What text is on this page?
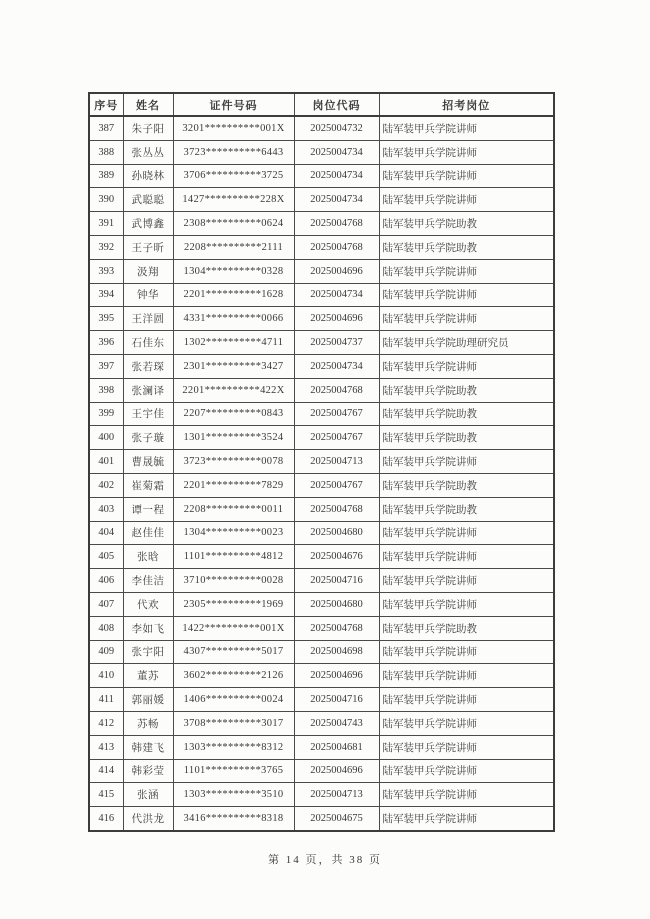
序号	姓名	证件号码	岗位代码	招考岗位
387	朱子阳	3201**********001X	2025004732	陆军装甲兵学院讲师
388	张丛丛	3723**********6443	2025004734	陆军装甲兵学院讲师
389	孙晓林	3706**********3725	2025004734	陆军装甲兵学院讲师
390	武聪聪	1427**********228X	2025004734	陆军装甲兵学院讲师
391	武博鑫	2308**********0624	2025004768	陆军装甲兵学院助教
392	王子昕	2208**********2111	2025004768	陆军装甲兵学院助教
393	汲翔	1304**********0328	2025004696	陆军装甲兵学院讲师
394	钟华	2201**********1628	2025004734	陆军装甲兵学院讲师
395	王洋圆	4331**********0066	2025004696	陆军装甲兵学院讲师
396	石佳东	1302**********4711	2025004737	陆军装甲兵学院助理研究员
397	张若琛	2301**********3427	2025004734	陆军装甲兵学院讲师
398	张澜译	2201**********422X	2025004768	陆军装甲兵学院助教
399	王宇佳	2207**********0843	2025004767	陆军装甲兵学院助教
400	张子璇	1301**********3524	2025004767	陆军装甲兵学院助教
401	曹晟毓	3723**********0078	2025004713	陆军装甲兵学院讲师
402	崔菊霜	2201**********7829	2025004767	陆军装甲兵学院助教
403	谭一程	2208**********0011	2025004768	陆军装甲兵学院助教
404	赵佳佳	1304**********0023	2025004680	陆军装甲兵学院讲师
405	张晗	1101**********4812	2025004676	陆军装甲兵学院讲师
406	李佳洁	3710**********0028	2025004716	陆军装甲兵学院讲师
407	代欢	2305**********1969	2025004680	陆军装甲兵学院讲师
408	李如飞	1422**********001X	2025004768	陆军装甲兵学院助教
409	张宇阳	4307**********5017	2025004698	陆军装甲兵学院讲师
410	董苏	3602**********2126	2025004696	陆军装甲兵学院讲师
411	郭丽媛	1406**********0024	2025004716	陆军装甲兵学院讲师
412	苏畅	3708**********3017	2025004743	陆军装甲兵学院讲师
413	韩建飞	1303**********8312	2025004681	陆军装甲兵学院讲师
414	韩彩莹	1101**********3765	2025004696	陆军装甲兵学院讲师
415	张涵	1303**********3510	2025004713	陆军装甲兵学院讲师
416	代洪龙	3416**********8318	2025004675	陆军装甲兵学院讲师
第 14 页，共 38 页
